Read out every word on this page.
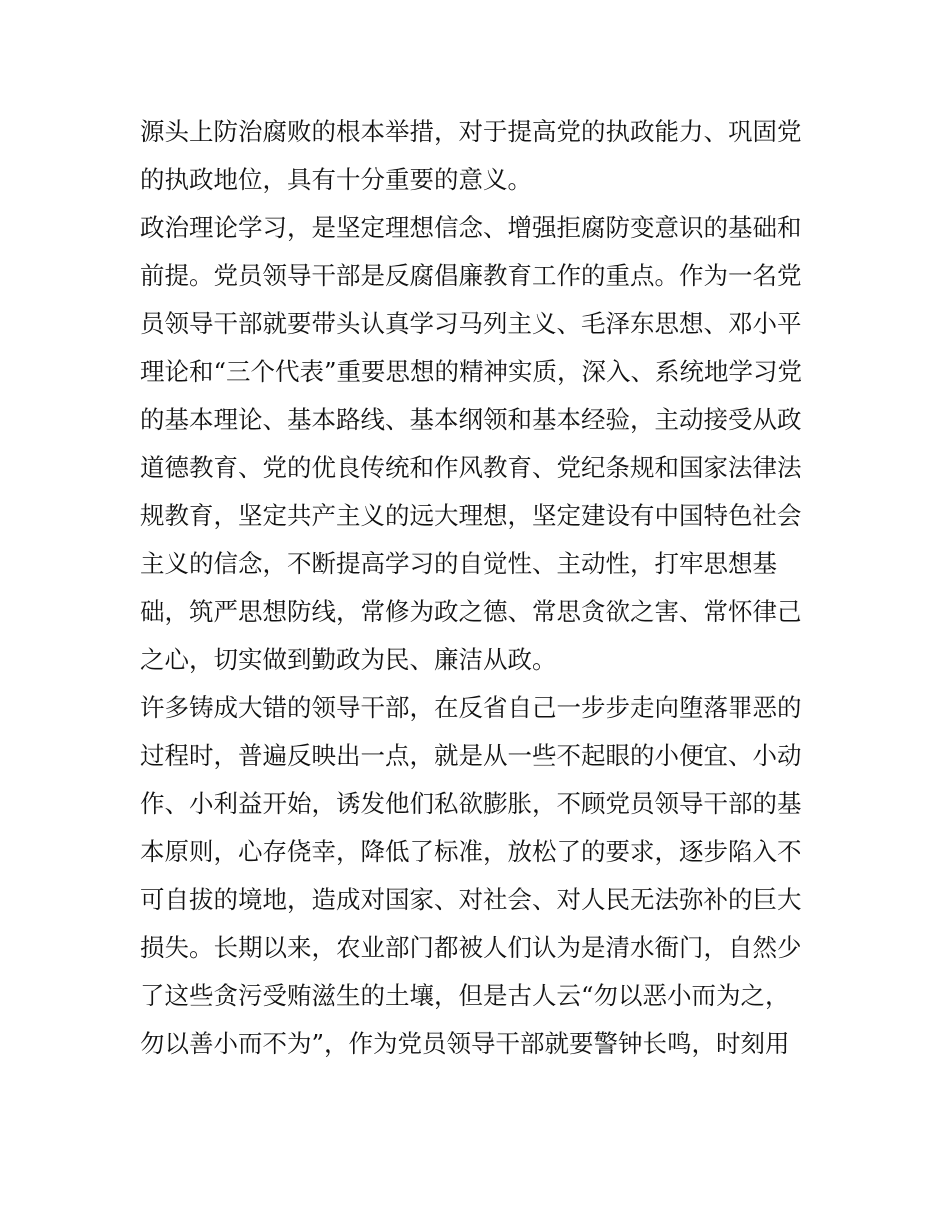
源头上防治腐败的根本举措，对于提高党的执政能力、巩固党
的执政地位，具有十分重要的意义。
政治理论学习，是坚定理想信念、增强拒腐防变意识的基础和
前提。党员领导干部是反腐倡廉教育工作的重点。作为一名党
员领导干部就要带头认真学习马列主义、毛泽东思想、邓小平
理论和“三个代表”重要思想的精神实质，深入、系统地学习党
的基本理论、基本路线、基本纲领和基本经验，主动接受从政
道德教育、党的优良传统和作风教育、党纪条规和国家法律法
规教育，坚定共产主义的远大理想，坚定建设有中国特色社会
主义的信念，不断提高学习的自觉性、主动性，打牢思想基
础，筑严思想防线，常修为政之德、常思贪欲之害、常怀律己
之心，切实做到勤政为民、廉洁从政。
许多铸成大错的领导干部，在反省自己一步步走向堕落罪恶的
过程时，普遍反映出一点，就是从一些不起眼的小便宜、小动
作、小利益开始，诱发他们私欲膨胀，不顾党员领导干部的基
本原则，心存侥幸，降低了标准，放松了的要求，逐步陷入不
可自拔的境地，造成对国家、对社会、对人民无法弥补的巨大
损失。长期以来，农业部门都被人们认为是清水衙门，自然少
了这些贪污受贿滋生的土壤，但是古人云“勿以恶小而为之，
勿以善小而不为”，作为党员领导干部就要警钟长鸣，时刻用
